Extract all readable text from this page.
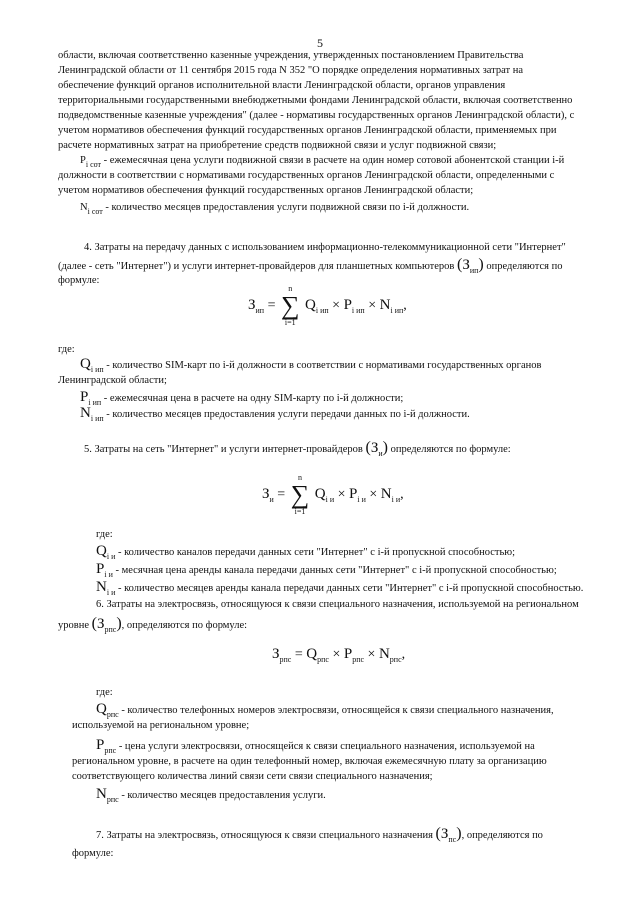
5
области, включая соответственно казенные учреждения, утвержденных постановлением Правительства
Ленинградской области от 11 сентября 2015 года N 352 "О порядке определения нормативных затрат на
обеспечение функций органов исполнительной власти Ленинградской области, органов управления
территориальными государственными внебюджетными фондами Ленинградской области, включая соответственно
подведомственные казенные учреждения" (далее - нормативы государственных органов Ленинградской области), с
учетом нормативов обеспечения функций государственных органов Ленинградской области, применяемых при
расчете нормативных затрат на приобретение средств подвижной связи и услуг подвижной связи;
$P_{i сот}$ - ежемесячная цена услуги подвижной связи в расчете на один номер сотовой абонентской станции i-й
должности в соответствии с нормативами государственных органов Ленинградской области, определенными с
учетом нормативов обеспечения функций государственных органов Ленинградской области;
$N_{i сот}$ - количество месяцев предоставления услуги подвижной связи по i-й должности.
4. Затраты на передачу данных с использованием информационно-телекоммуникационной сети "Интернет"
(далее - сеть "Интернет") и услуги интернет-провайдеров для планшетных компьютеров $(З_{ип})$ определяются по
формуле:
$З_{ип}$ =
n
∑
i=1
$Q_{i ип} \times P_{i ип} \times N_{i ип}$,
где:
$Q_{i ип}$ - количество SIM-карт по i-й должности в соответствии с нормативами государственных органов
Ленинградской области;
$P_{i ип}$ - ежемесячная цена в расчете на одну SIM-карту по i-й должности;
$N_{i ип}$ - количество месяцев предоставления услуги передачи данных по i-й должности.
5. Затраты на сеть "Интернет" и услуги интернет-провайдеров $(З_и)$ определяются по формуле:
$З_и$ =
n
∑
i=1
$Q_{i и} \times P_{i и} \times N_{i и}$,
где:
$Q_{i и}$ - количество каналов передачи данных сети "Интернет" с i-й пропускной способностью;
$P_{i и}$ - месячная цена аренды канала передачи данных сети "Интернет" с i-й пропускной способностью;
$N_{i и}$ - количество месяцев аренды канала передачи данных сети "Интернет" с i-й пропускной способностью.
6. Затраты на электросвязь, относящуюся к связи специального назначения, используемой на региональном
уровне $(З_{рпс})$, определяются по формуле:
$З_{рпс} = Q_{рпс} \times P_{рпс} \times N_{рпс}$,
где:
$Q_{рпс}$ - количество телефонных номеров электросвязи, относящейся к связи специального назначения,
используемой на региональном уровне;
$P_{рпс}$ - цена услуги электросвязи, относящейся к связи специального назначения, используемой на
региональном уровне, в расчете на один телефонный номер, включая ежемесячную плату за организацию
соответствующего количества линий связи сети связи специального назначения;
$N_{рпс}$ - количество месяцев предоставления услуги.
7. Затраты на электросвязь, относящуюся к связи специального назначения $(З_{пс})$, определяются по
формуле:
